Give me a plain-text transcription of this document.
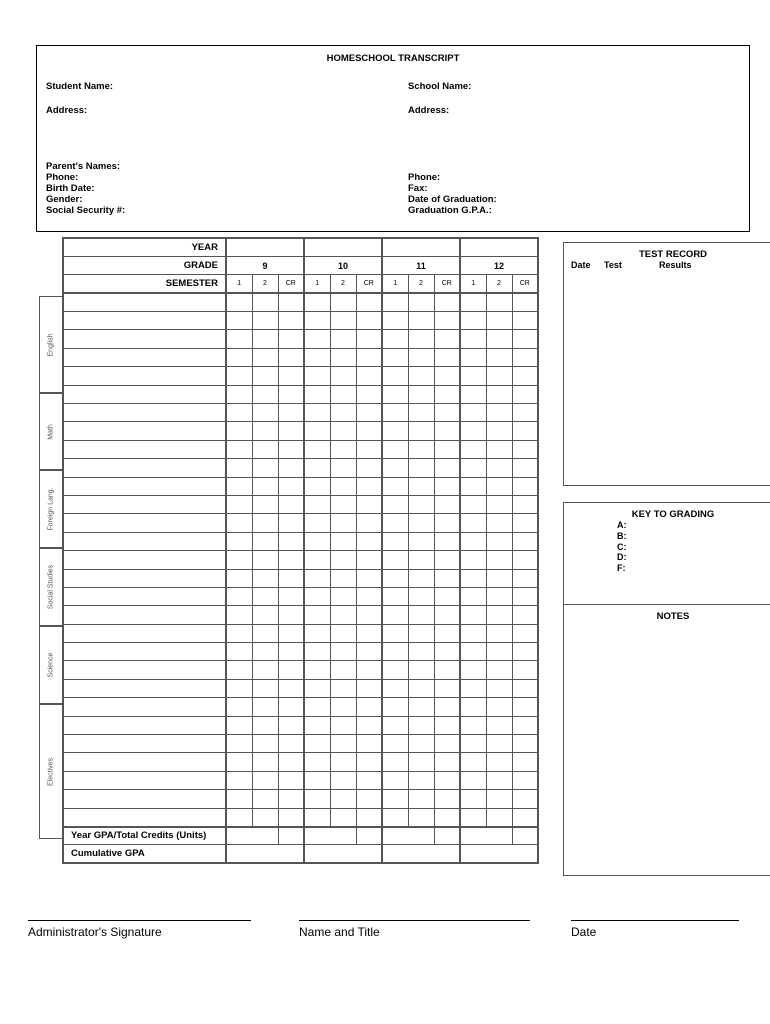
HOMESCHOOL TRANSCRIPT
Student Name:	School Name:
Address:	Address:
Parent's Names:
Phone:
Birth Date:
Gender:
Social Security #:
Phone:
Fax:
Date of Graduation:
Graduation G.P.A.:
English
Math
Foreign Lang.
Social Studies
Science
Electives
YEAR												
GRADE	9			10			11			12		
SEMESTER	1	2	CR	1	2	CR	1	2	CR	1	2	CR

Year GPA/Total Credits (Units)												
Cumulative GPA												
TEST RECORD
Date Test	Results
KEY TO GRADING
A:
B:
C:
D:
F:
NOTES
Administrator's Signature	Name and Title	Date
